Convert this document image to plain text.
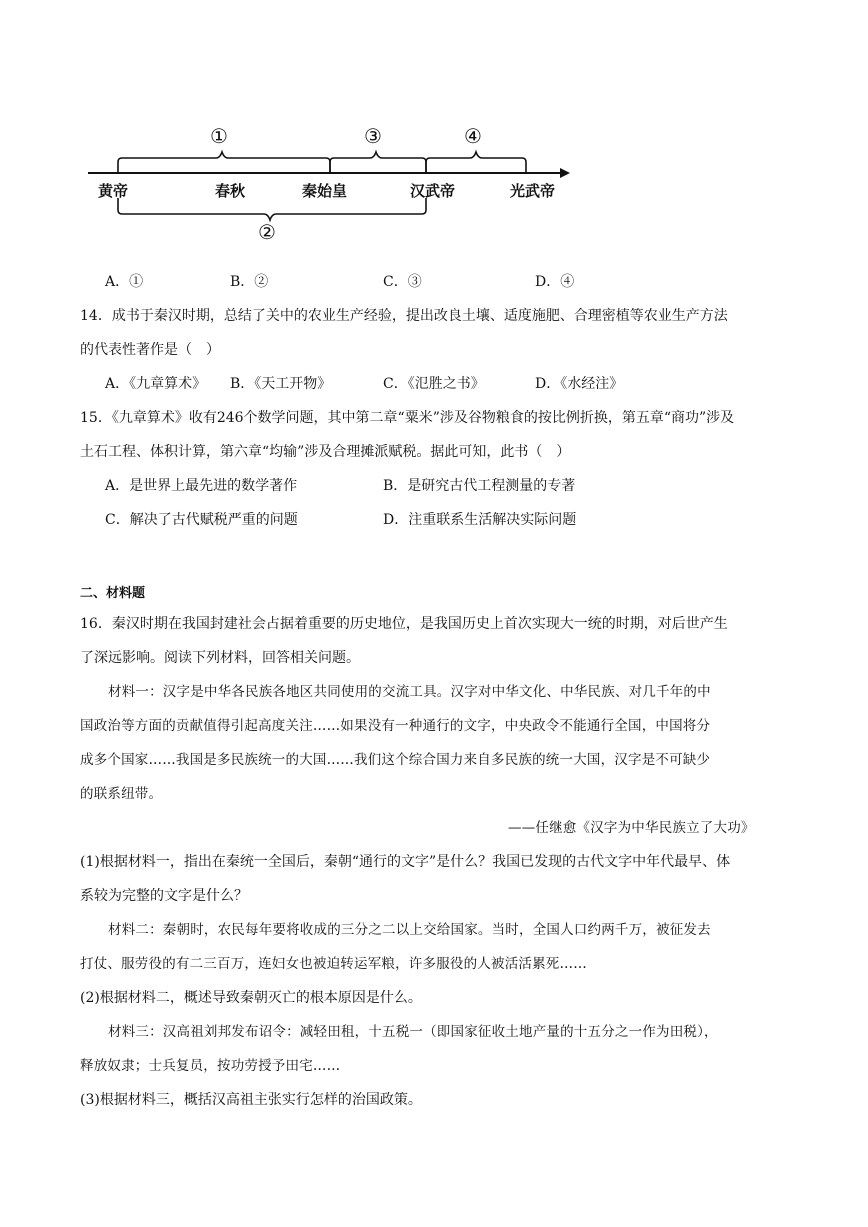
①	③	④
②
黄帝	春秋	秦始皇	汉武帝	光武帝
A．①	B．②	C．③	D．④
14．成书于秦汉时期，总结了关中的农业生产经验，提出改良土壤、适度施肥、合理密植等农业生产方法
的代表性著作是（　）
A．《九章算术》 B．《天工开物》	C．《氾胜之书》	D．《水经注》
15．《九章算术》收有246个数学问题，其中第二章“粟米”涉及谷物粮食的按比例折换，第五章“商功”涉及
土石工程、体积计算，第六章“均输”涉及合理摊派赋税。据此可知，此书（　）
A．是世界上最先进的数学著作	B．是研究古代工程测量的专著
C．解决了古代赋税严重的问题	D．注重联系生活解决实际问题
二、材料题
16．秦汉时期在我国封建社会占据着重要的历史地位，是我国历史上首次实现大一统的时期，对后世产生
了深远影响。阅读下列材料，回答相关问题。
材料一：汉字是中华各民族各地区共同使用的交流工具。汉字对中华文化、中华民族、对几千年的中
国政治等方面的贡献值得引起高度关注……如果没有一种通行的文字，中央政令不能通行全国，中国将分
成多个国家……我国是多民族统一的大国……我们这个综合国力来自多民族的统一大国，汉字是不可缺少
的联系纽带。
——任继愈《汉字为中华民族立了大功》
(1)根据材料一，指出在秦统一全国后，秦朝“通行的文字”是什么？我国已发现的古代文字中年代最早、体
系较为完整的文字是什么？
材料二：秦朝时，农民每年要将收成的三分之二以上交给国家。当时，全国人口约两千万，被征发去
打仗、服劳役的有二三百万，连妇女也被迫转运军粮，许多服役的人被活活累死……
(2)根据材料二，概述导致秦朝灭亡的根本原因是什么。
材料三：汉高祖刘邦发布诏令：减轻田租，十五税一（即国家征收土地产量的十五分之一作为田税），
释放奴隶；士兵复员，按功劳授予田宅……
(3)根据材料三，概括汉高祖主张实行怎样的治国政策。
